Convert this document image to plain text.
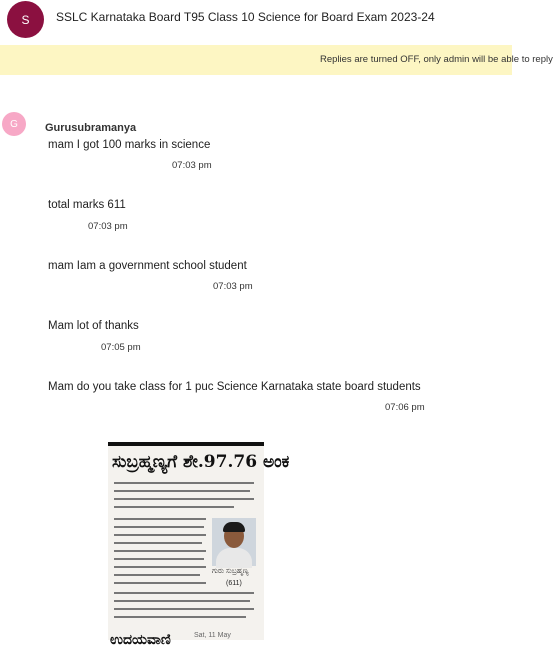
S	SSLC Karnataka Board T95 Class 10 Science for Board Exam 2023-24
Replies are turned OFF, only admin will be able to reply
G	Gurusubramanya
mam I got 100 marks in science
07:03 pm
total marks 611
07:03 pm
mam Iam a government school student
07:03 pm
Mam lot of thanks
07:05 pm
Mam do you take class for 1 puc Science Karnataka state board students
07:06 pm
ಸುಬ್ರಹ್ಮಣ್ಯಗೆ ಶೇ.97.76 ಅಂಕ
ಗುರು ಸುಬ್ರಹ್ಮಣ್ಯ
(611)
ಉದಯವಾಣಿ	Sat, 11 May
